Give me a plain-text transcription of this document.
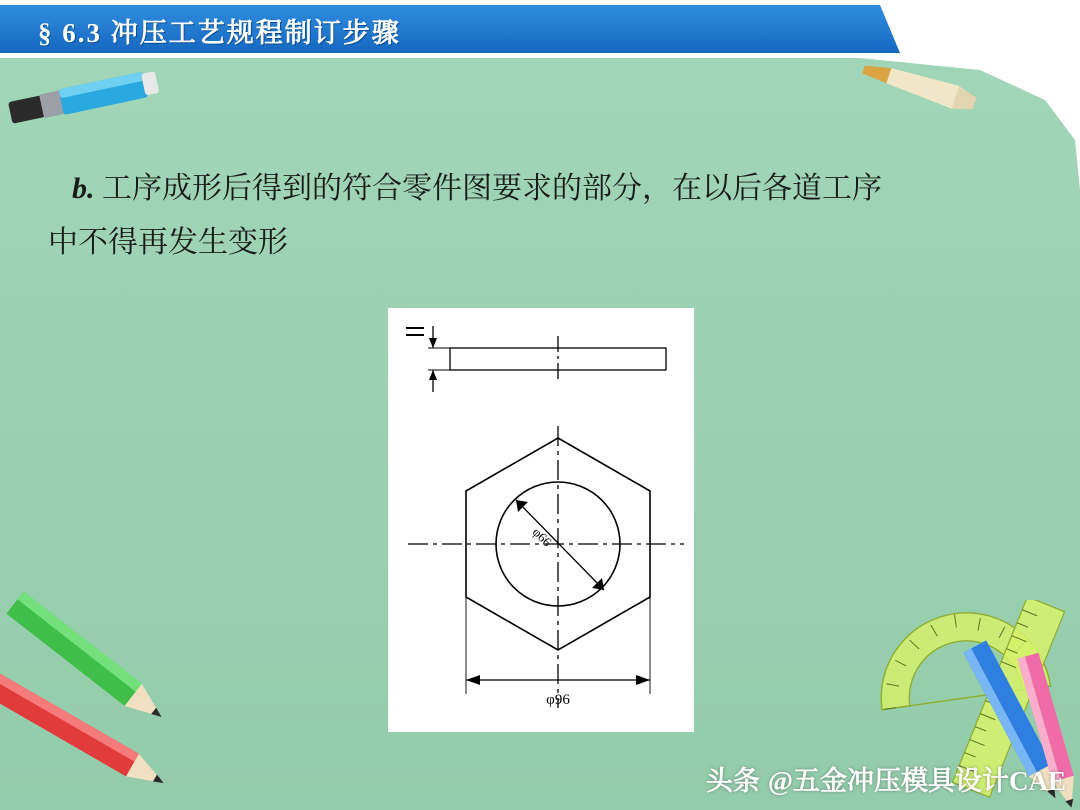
§ 6.3 冲压工艺规程制订步骤
b. 工序成形后得到的符合零件图要求的部分，在以后各道工序
中不得再发生变形
φ66
φ96
头条 @五金冲压模具设计CAE
